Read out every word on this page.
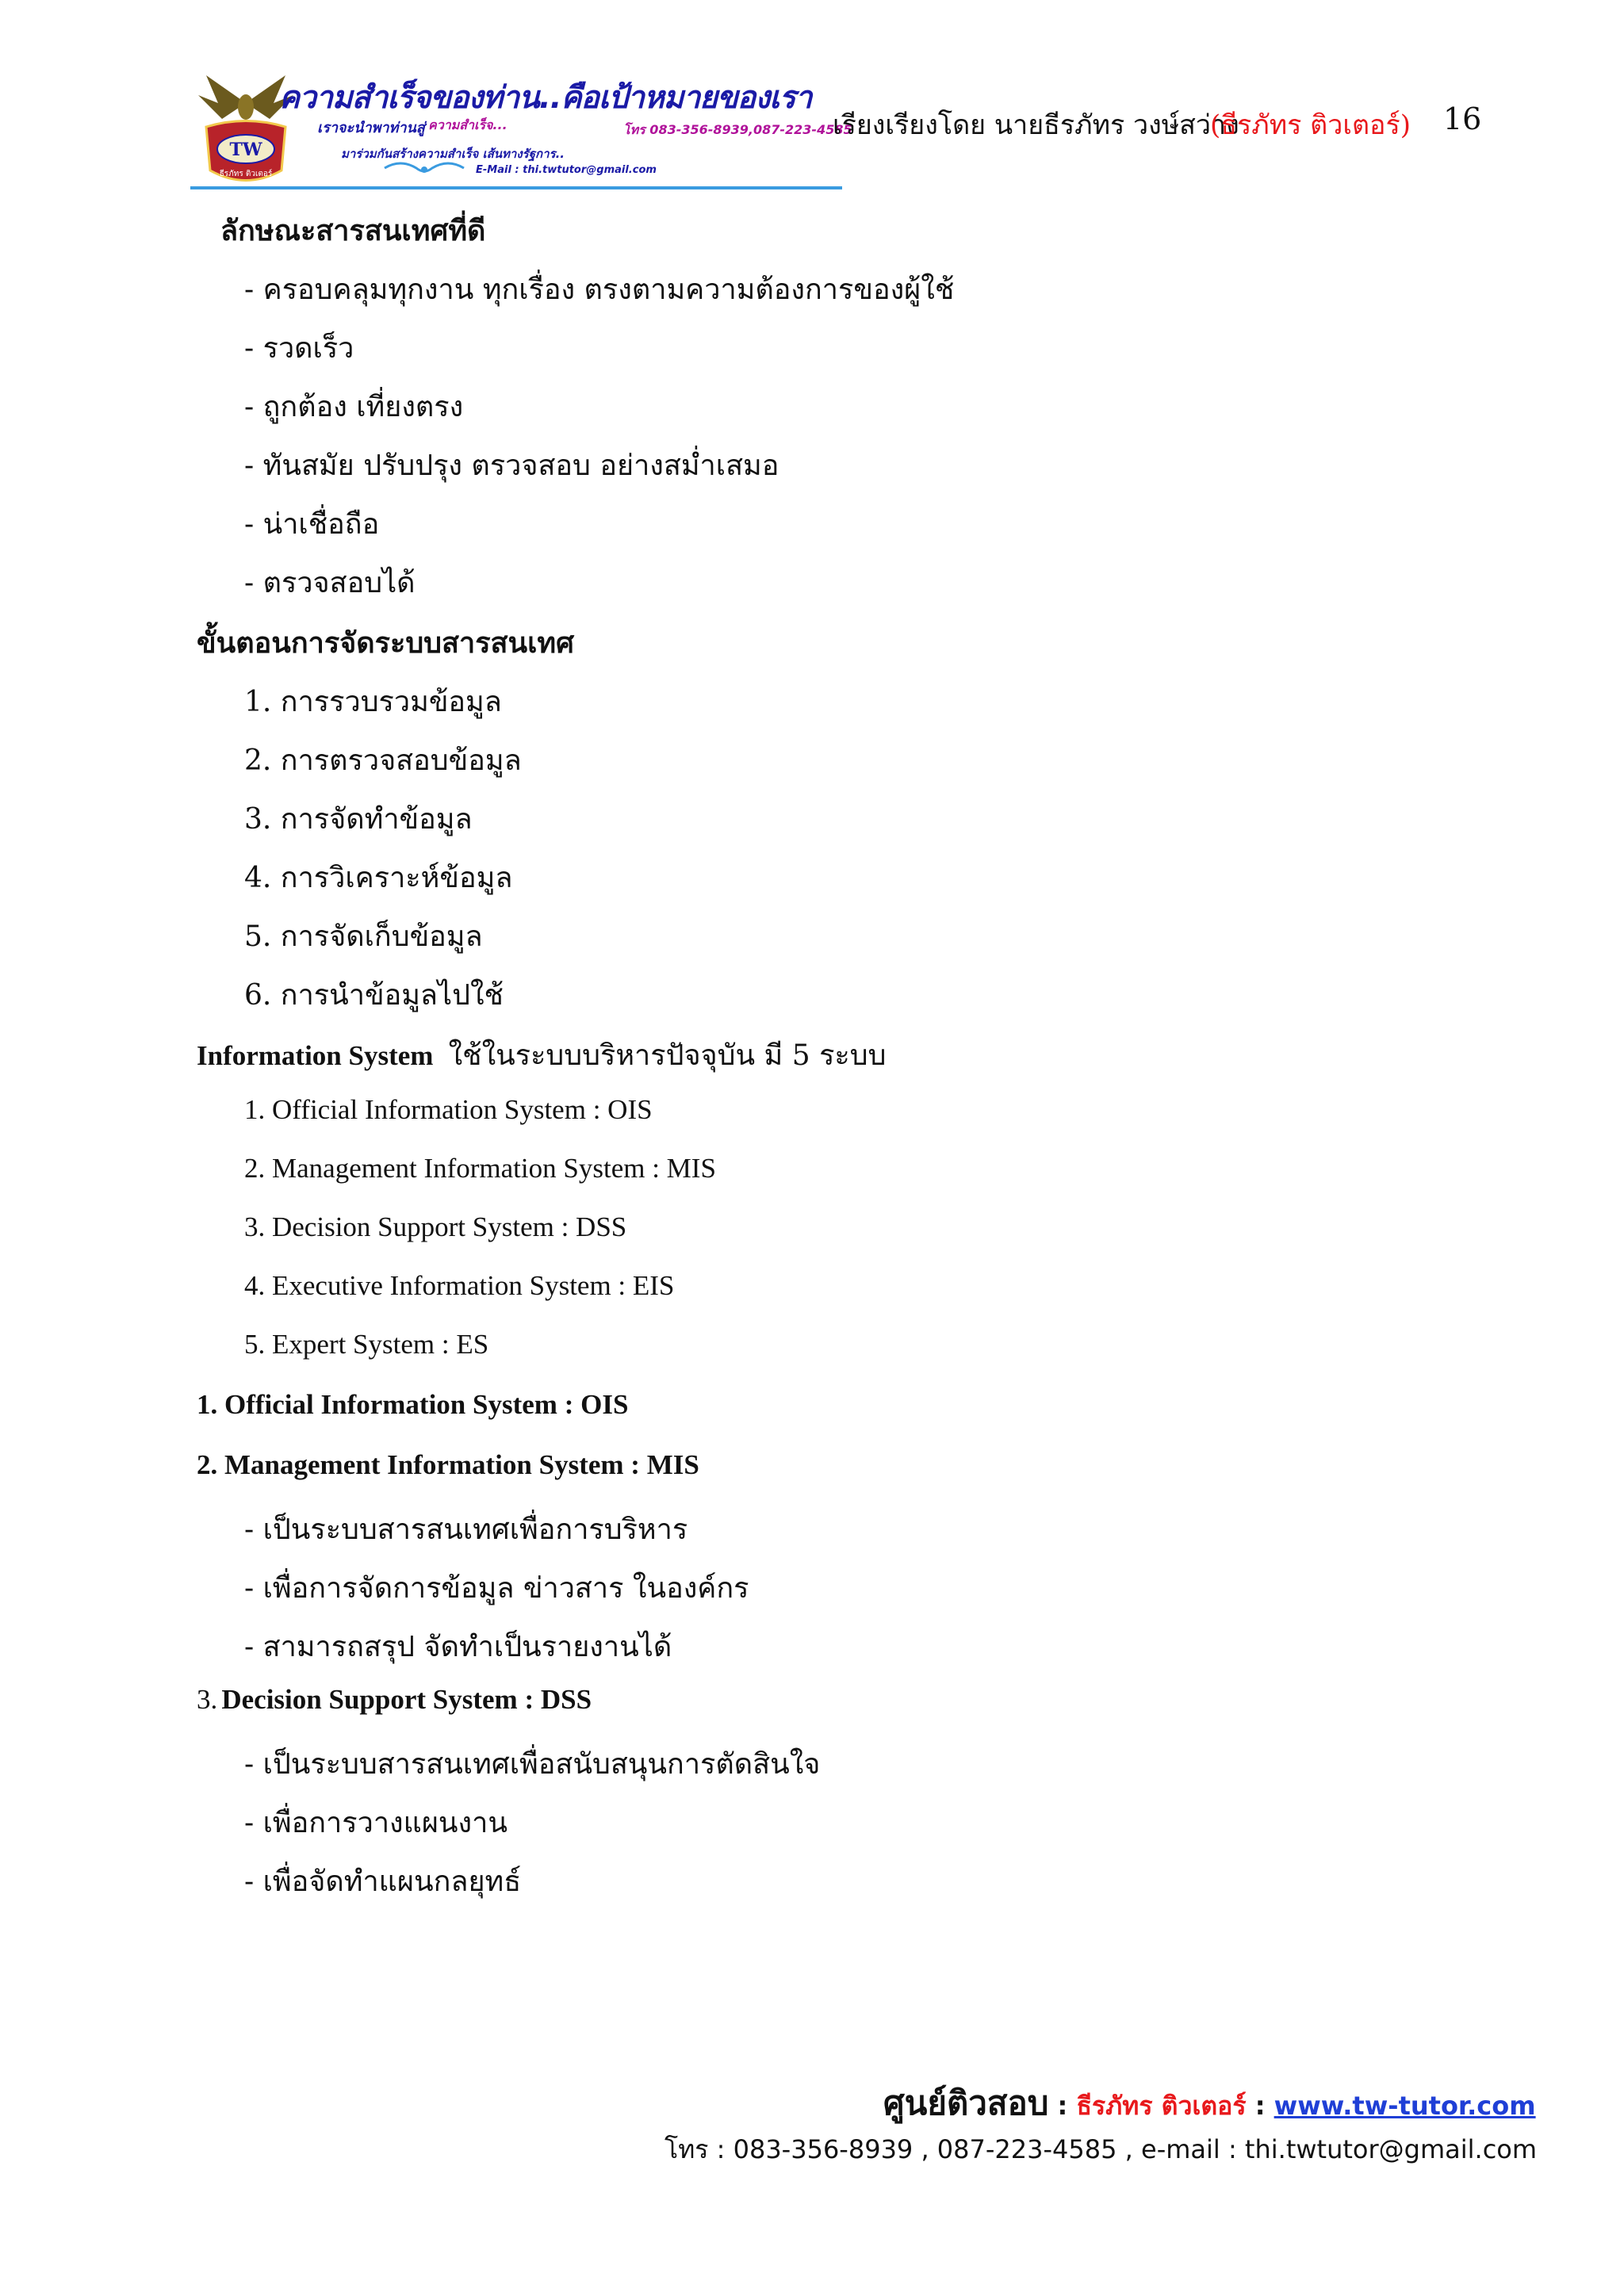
TW
ธีรภัทร ติวเตอร์
ความสำเร็จของท่าน..คือเป้าหมายของเรา
เราจะนำพาท่านสู่ ความสำเร็จ...	โทร 083-356-8939,087-223-4585
มาร่วมกันสร้างความสำเร็จ เส้นทางรัฐการ..
E-Mail : thi.twtutor@gmail.com
เรียงเรียงโดย นายธีรภัทร วงษ์สว่าง
(ธีรภัทร ติวเตอร์) 16
ลักษณะสารสนเทศที่ดี
- ครอบคลุมทุกงาน ทุกเรื่อง ตรงตามความต้องการของผู้ใช้
- รวดเร็ว
- ถูกต้อง เที่ยงตรง
- ทันสมัย ปรับปรุง ตรวจสอบ อย่างสม่ำเสมอ
- น่าเชื่อถือ
- ตรวจสอบได้
ขั้นตอนการจัดระบบสารสนเทศ
1. การรวบรวมข้อมูล
2. การตรวจสอบข้อมูล
3. การจัดทำข้อมูล
4. การวิเคราะห์ข้อมูล
5. การจัดเก็บข้อมูล
6. การนำข้อมูลไปใช้
Information System ใช้ในระบบบริหารปัจจุบัน มี 5 ระบบ
1. Official Information System : OIS
2. Management Information System : MIS
3. Decision Support System : DSS
4. Executive Information System : EIS
5. Expert System : ES
1. Official Information System : OIS
2. Management Information System : MIS
- เป็นระบบสารสนเทศเพื่อการบริหาร
- เพื่อการจัดการข้อมูล ข่าวสาร ในองค์กร
- สามารถสรุป จัดทำเป็นรายงานได้
3. Decision Support System : DSS
- เป็นระบบสารสนเทศเพื่อสนับสนุนการตัดสินใจ
- เพื่อการวางแผนงาน
- เพื่อจัดทำแผนกลยุทธ์
ศูนย์ติวสอบ : ธีรภัทร ติวเตอร์ : www.tw-tutor.com
โทร : 083-356-8939 , 087-223-4585 , e-mail : thi.twtutor@gmail.com
